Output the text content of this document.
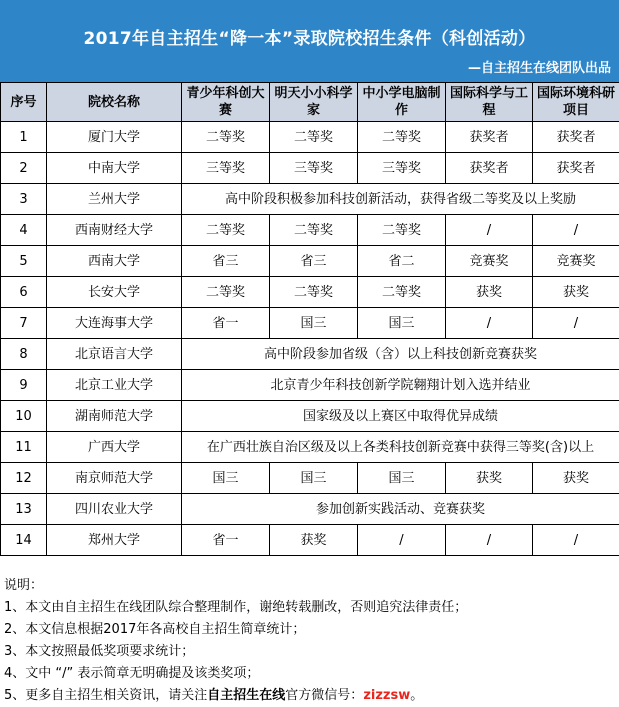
2017年自主招生“降一本”录取院校招生条件（科创活动）
—自主招生在线团队出品
序号	院校名称	青少年科创大赛	明天小小科学家	中小学电脑制作	国际科学与工程	国际环境科研项目
1	厦门大学	二等奖	二等奖	二等奖	获奖者	获奖者
2	中南大学	三等奖	三等奖	三等奖	获奖者	获奖者
3	兰州大学	高中阶段积极参加科技创新活动，获得省级二等奖及以上奖励				
4	西南财经大学	二等奖	二等奖	二等奖	/	/
5	西南大学	省三	省三	省二	竞赛奖	竞赛奖
6	长安大学	二等奖	二等奖	二等奖	获奖	获奖
7	大连海事大学	省一	国三	国三	/	/
8	北京语言大学	高中阶段参加省级（含）以上科技创新竞赛获奖				
9	北京工业大学	北京青少年科技创新学院翱翔计划入选并结业				
10	湖南师范大学	国家级及以上赛区中取得优异成绩				
11	广西大学	在广西壮族自治区级及以上各类科技创新竞赛中获得三等奖(含)以上				
12	南京师范大学	国三	国三	国三	获奖	获奖
13	四川农业大学	参加创新实践活动、竞赛获奖				
14	郑州大学	省一	获奖	/	/	/
说明：
1、本文由自主招生在线团队综合整理制作，谢绝转载删改，否则追究法律责任；
2、本文信息根据2017年各高校自主招生简章统计；
3、本文按照最低奖项要求统计；
4、文中 “/” 表示简章无明确提及该类奖项；
5、更多自主招生相关资讯，请关注自主招生在线官方微信号：zizzsw。
